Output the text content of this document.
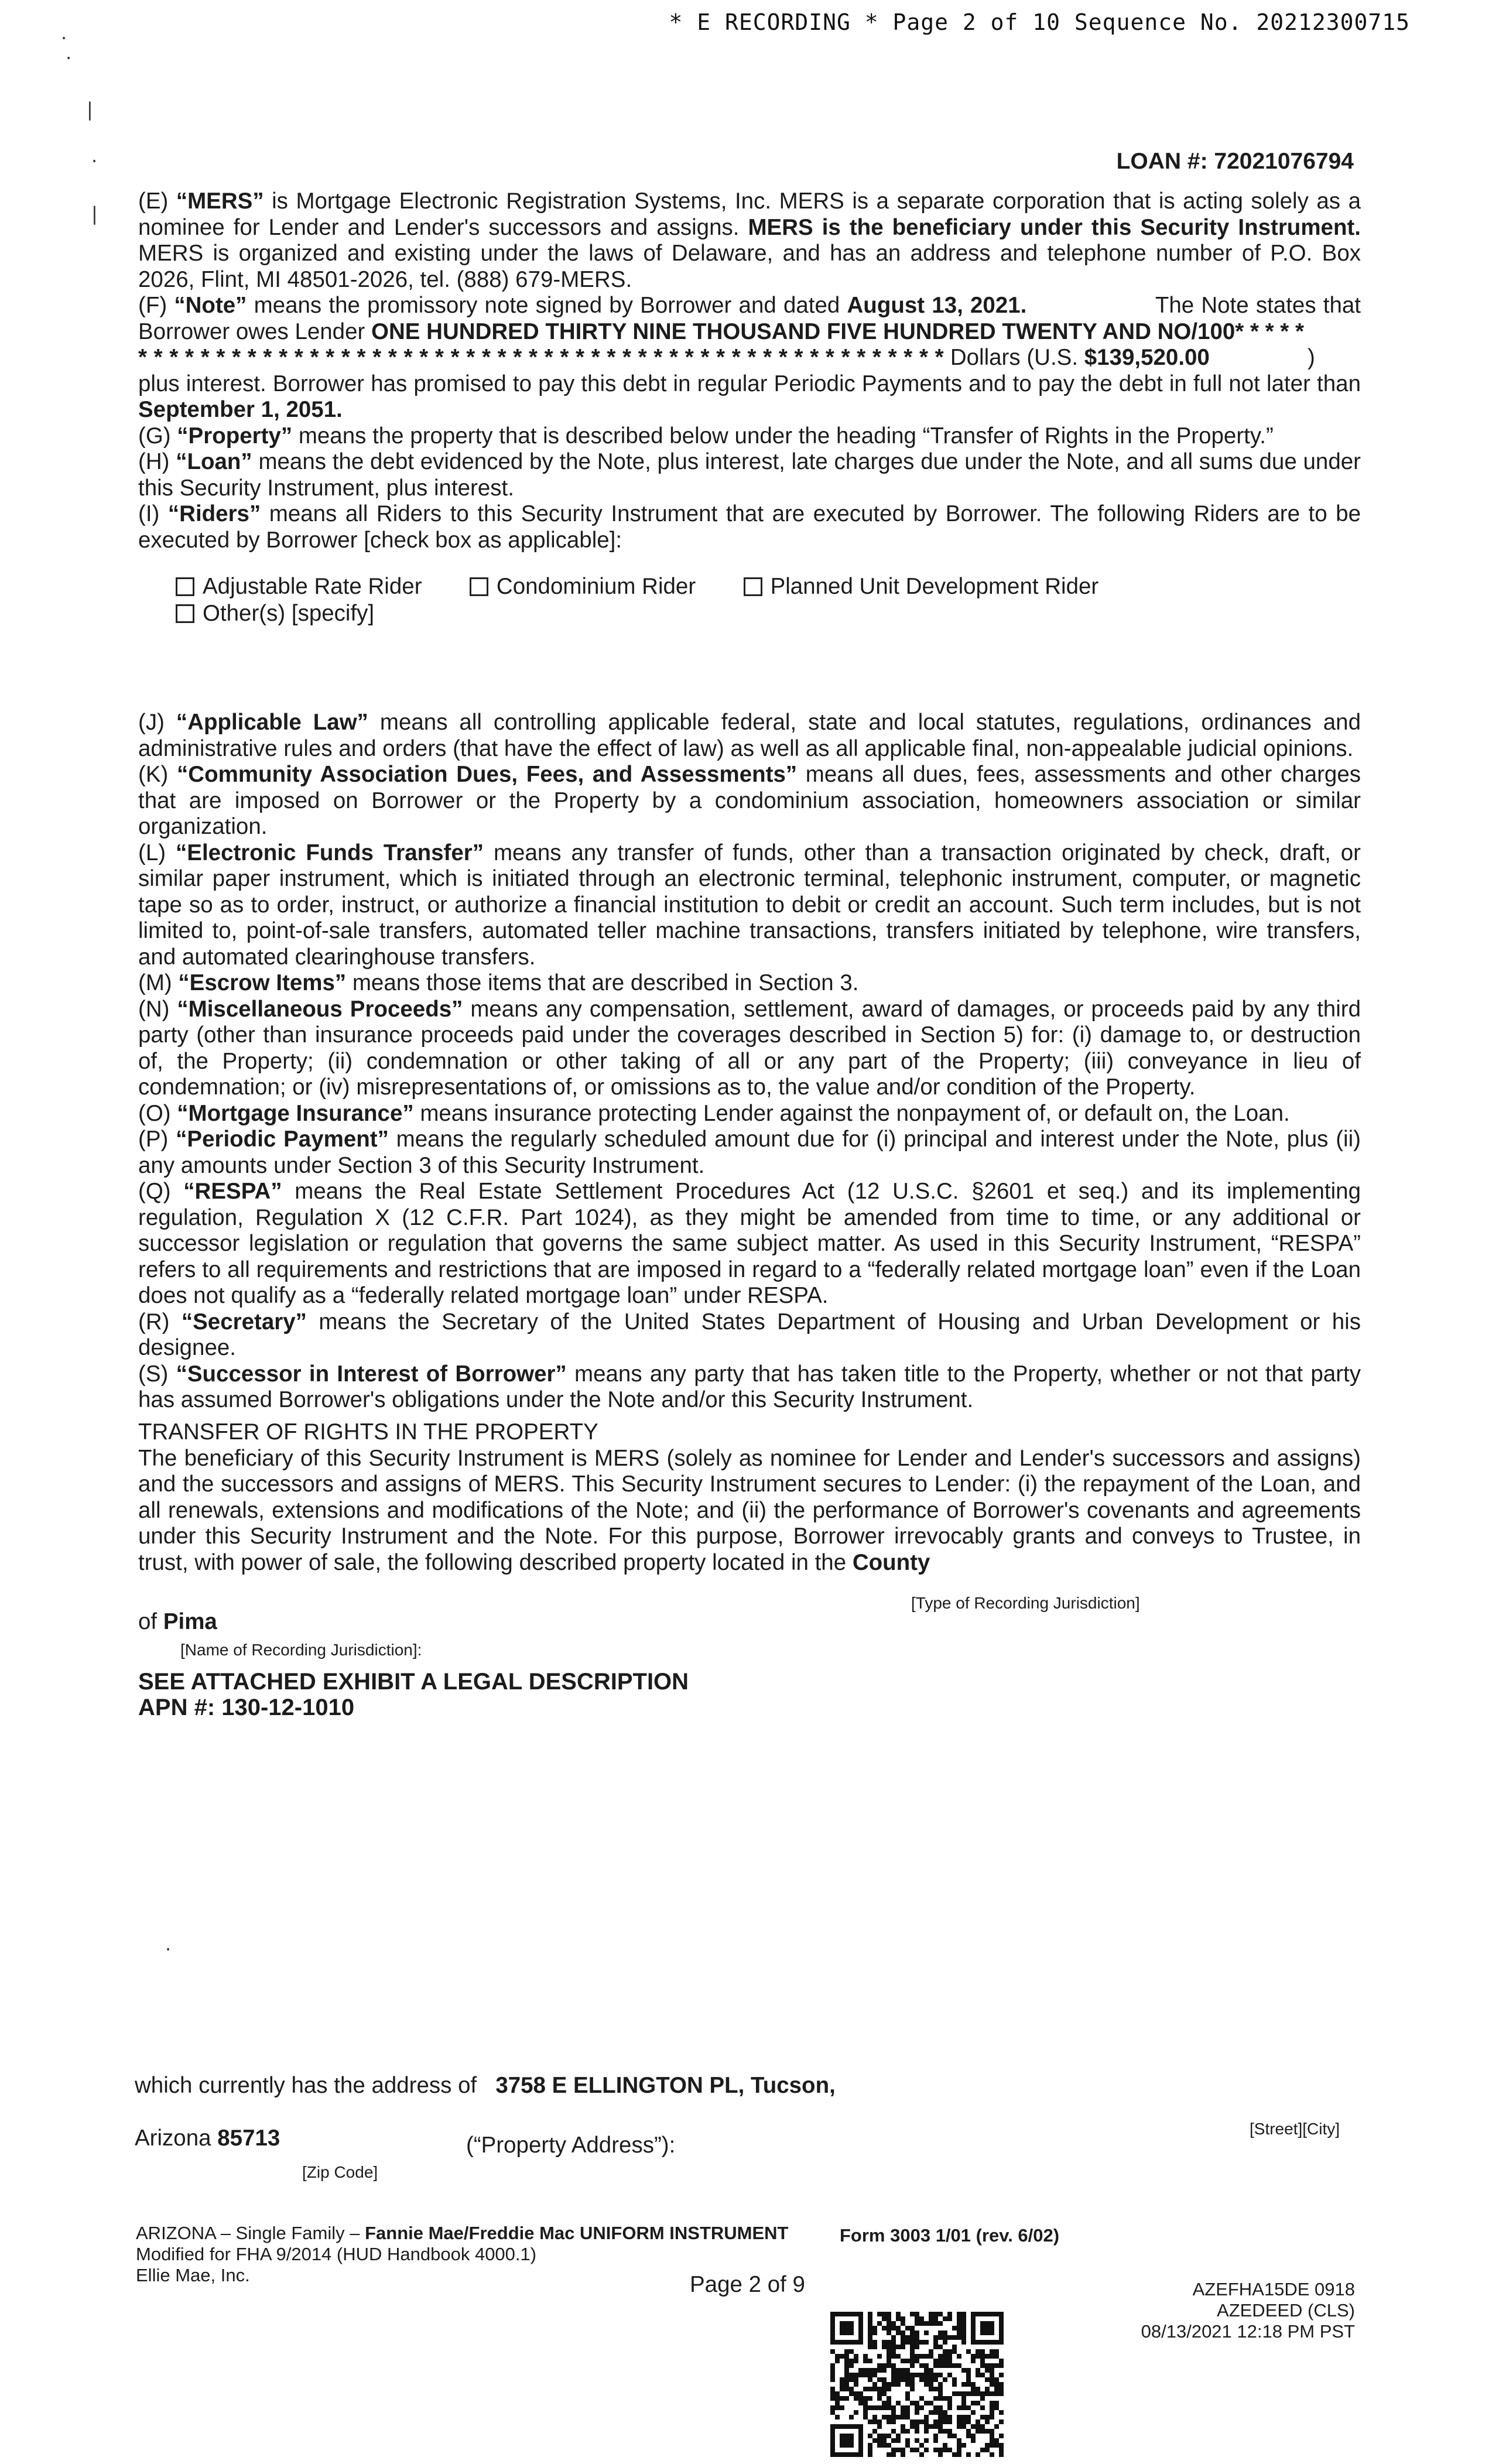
* E RECORDING * Page 2 of 10 Sequence No. 20212300715
·
·
|
·
|
LOAN #: 72021076794

(E) “MERS” is Mortgage Electronic Registration Systems, Inc. MERS is a separate corporation that is acting solely as a nominee for Lender and Lender's successors and assigns. MERS is the beneficiary under this Security Instrument. MERS is organized and existing under the laws of Delaware, and has an address and telephone number of P.O. Box 2026, Flint, MI 48501-2026, tel. (888) 679-MERS.

(F) “Note” means the promissory note signed by Borrower and dated August 13, 2021.	The Note states that Borrower owes Lender ONE HUNDRED THIRTY NINE THOUSAND FIVE HUNDRED TWENTY AND NO/100* * * * *

* * * * * * * * * * * * * * * * * * * * * * * * * * * * * * * * * * * * * * * * * * * * * * * * * * * * Dollars (U.S. $139,520.00	)

plus interest. Borrower has promised to pay this debt in regular Periodic Payments and to pay the debt in full not later than September 1, 2051.

(G) “Property” means the property that is described below under the heading “Transfer of Rights in the Property.”

(H) “Loan” means the debt evidenced by the Note, plus interest, late charges due under the Note, and all sums due under this Security Instrument, plus interest.

(I) “Riders” means all Riders to this Security Instrument that are executed by Borrower. The following Riders are to be executed by Borrower [check box as applicable]:

Adjustable Rate Rider	Condominium Rider	Planned Unit Development Rider
Other(s) [specify]

(J) “Applicable Law” means all controlling applicable federal, state and local statutes, regulations, ordinances and administrative rules and orders (that have the effect of law) as well as all applicable final, non-appealable judicial opinions.

(K) “Community Association Dues, Fees, and Assessments” means all dues, fees, assessments and other charges that are imposed on Borrower or the Property by a condominium association, homeowners association or similar organization.

(L) “Electronic Funds Transfer” means any transfer of funds, other than a transaction originated by check, draft, or similar paper instrument, which is initiated through an electronic terminal, telephonic instrument, computer, or magnetic tape so as to order, instruct, or authorize a financial institution to debit or credit an account. Such term includes, but is not limited to, point-of-sale transfers, automated teller machine transactions, transfers initiated by telephone, wire transfers, and automated clearinghouse transfers.

(M) “Escrow Items” means those items that are described in Section 3.

(N) “Miscellaneous Proceeds” means any compensation, settlement, award of damages, or proceeds paid by any third party (other than insurance proceeds paid under the coverages described in Section 5) for: (i) damage to, or destruction of, the Property; (ii) condemnation or other taking of all or any part of the Property; (iii) conveyance in lieu of condemnation; or (iv) misrepresentations of, or omissions as to, the value and/or condition of the Property.

(O) “Mortgage Insurance” means insurance protecting Lender against the nonpayment of, or default on, the Loan.

(P) “Periodic Payment” means the regularly scheduled amount due for (i) principal and interest under the Note, plus (ii) any amounts under Section 3 of this Security Instrument.

(Q) “RESPA” means the Real Estate Settlement Procedures Act (12 U.S.C. §2601 et seq.) and its implementing regulation, Regulation X (12 C.F.R. Part 1024), as they might be amended from time to time, or any additional or successor legislation or regulation that governs the same subject matter. As used in this Security Instrument, “RESPA” refers to all requirements and restrictions that are imposed in regard to a “federally related mortgage loan” even if the Loan does not qualify as a “federally related mortgage loan” under RESPA.

(R) “Secretary” means the Secretary of the United States Department of Housing and Urban Development or his designee.

(S) “Successor in Interest of Borrower” means any party that has taken title to the Property, whether or not that party has assumed Borrower's obligations under the Note and/or this Security Instrument.

TRANSFER OF RIGHTS IN THE PROPERTY

The beneficiary of this Security Instrument is MERS (solely as nominee for Lender and Lender's successors and assigns) and the successors and assigns of MERS. This Security Instrument secures to Lender: (i) the repayment of the Loan, and all renewals, extensions and modifications of the Note; and (ii) the performance of Borrower's covenants and agreements under this Security Instrument and the Note. For this purpose, Borrower irrevocably grants and conveys to Trustee, in trust, with power of sale, the following described property located in the County

[Type of Recording Jurisdiction]
of Pima
[Name of Recording Jurisdiction]:
SEE ATTACHED EXHIBIT A LEGAL DESCRIPTION
APN #: 130-12-1010
·
which currently has the address of 3758 E ELLINGTON PL, Tucson,
[Street][City]
Arizona 85713	(“Property Address”):
[Zip Code]
ARIZONA – Single Family – Fannie Mae/Freddie Mac UNIFORM INSTRUMENT
Modified for FHA 9/2014 (HUD Handbook 4000.1)
Ellie Mae, Inc.
Form 3003 1/01 (rev. 6/02)
Page 2 of 9	AZEFHA15DE 0918
AZEDEED (CLS)
08/13/2021 12:18 PM PST
